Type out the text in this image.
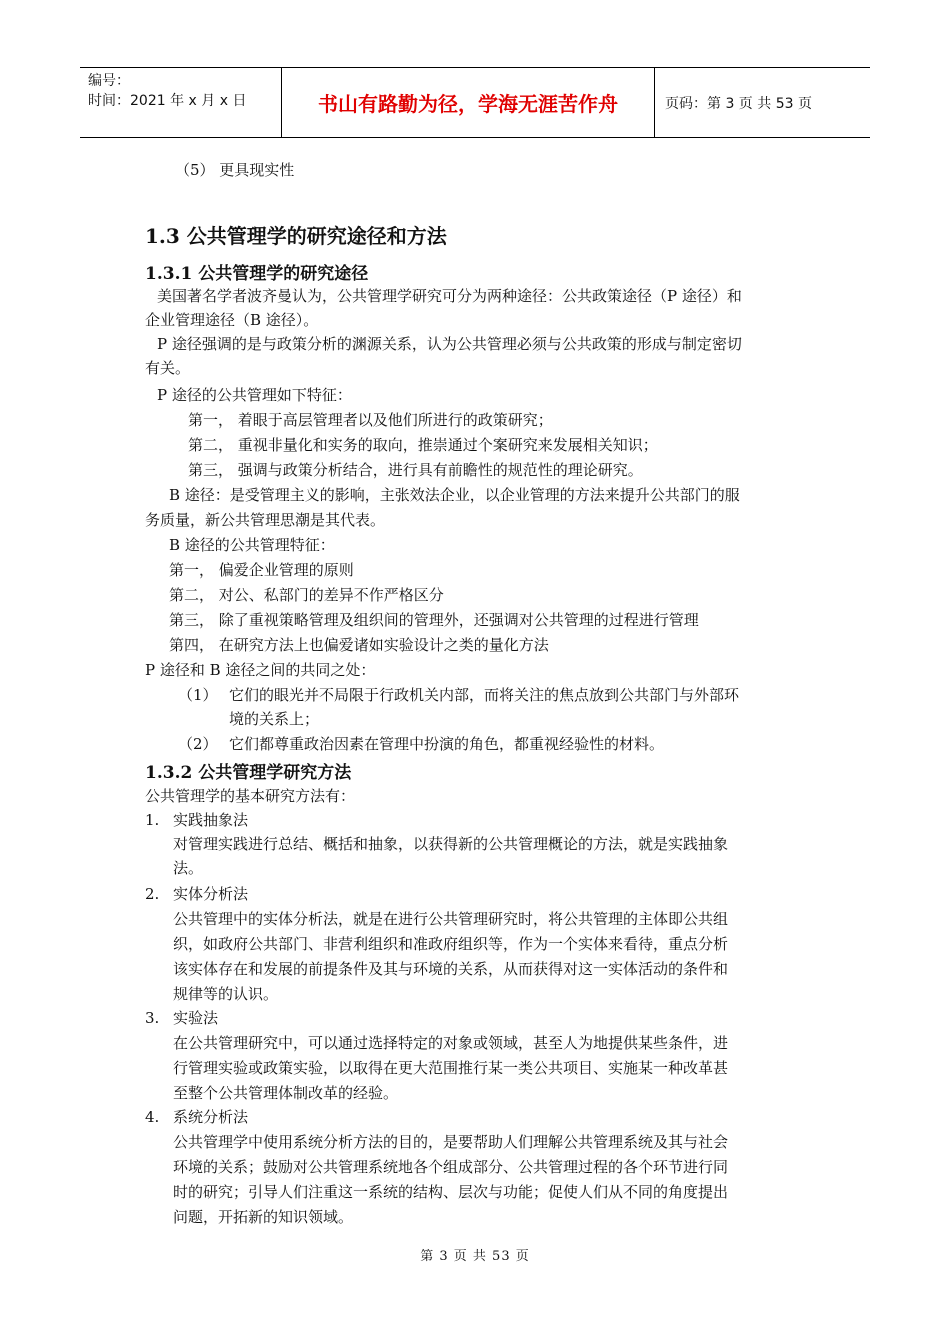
编号：
时间：2021 年 x 月 x 日	书山有路勤为径，学海无涯苦作舟	页码：第 3 页 共 53 页
（5） 更具现实性
1.3 公共管理学的研究途径和方法
1.3.1 公共管理学的研究途径
美国著名学者波齐曼认为，公共管理学研究可分为两种途径：公共政策途径（P 途径）和
企业管理途径（B 途径）。
P 途径强调的是与政策分析的渊源关系，认为公共管理必须与公共政策的形成与制定密切
有关。
P 途径的公共管理如下特征：
第一， 着眼于高层管理者以及他们所进行的政策研究；
第二， 重视非量化和实务的取向，推崇通过个案研究来发展相关知识；
第三， 强调与政策分析结合，进行具有前瞻性的规范性的理论研究。
B 途径：是受管理主义的影响，主张效法企业，以企业管理的方法来提升公共部门的服
务质量，新公共管理思潮是其代表。
B 途径的公共管理特征：
第一， 偏爱企业管理的原则
第二， 对公、私部门的差异不作严格区分
第三， 除了重视策略管理及组织间的管理外，还强调对公共管理的过程进行管理
第四， 在研究方法上也偏爱诸如实验设计之类的量化方法
P 途径和 B 途径之间的共同之处：
（1） 它们的眼光并不局限于行政机关内部，而将关注的焦点放到公共部门与外部环
境的关系上；
（2） 它们都尊重政治因素在管理中扮演的角色，都重视经验性的材料。
1.3.2 公共管理学研究方法
公共管理学的基本研究方法有：
1. 实践抽象法
对管理实践进行总结、概括和抽象，以获得新的公共管理概论的方法，就是实践抽象
法。
2. 实体分析法
公共管理中的实体分析法，就是在进行公共管理研究时，将公共管理的主体即公共组
织，如政府公共部门、非营利组织和准政府组织等，作为一个实体来看待，重点分析
该实体存在和发展的前提条件及其与环境的关系，从而获得对这一实体活动的条件和
规律等的认识。
3. 实验法
在公共管理研究中，可以通过选择特定的对象或领域，甚至人为地提供某些条件，进
行管理实验或政策实验，以取得在更大范围推行某一类公共项目、实施某一种改革甚
至整个公共管理体制改革的经验。
4. 系统分析法
公共管理学中使用系统分析方法的目的，是要帮助人们理解公共管理系统及其与社会
环境的关系；鼓励对公共管理系统地各个组成部分、公共管理过程的各个环节进行同
时的研究；引导人们注重这一系统的结构、层次与功能；促使人们从不同的角度提出
问题，开拓新的知识领域。
第 3 页 共 53 页
